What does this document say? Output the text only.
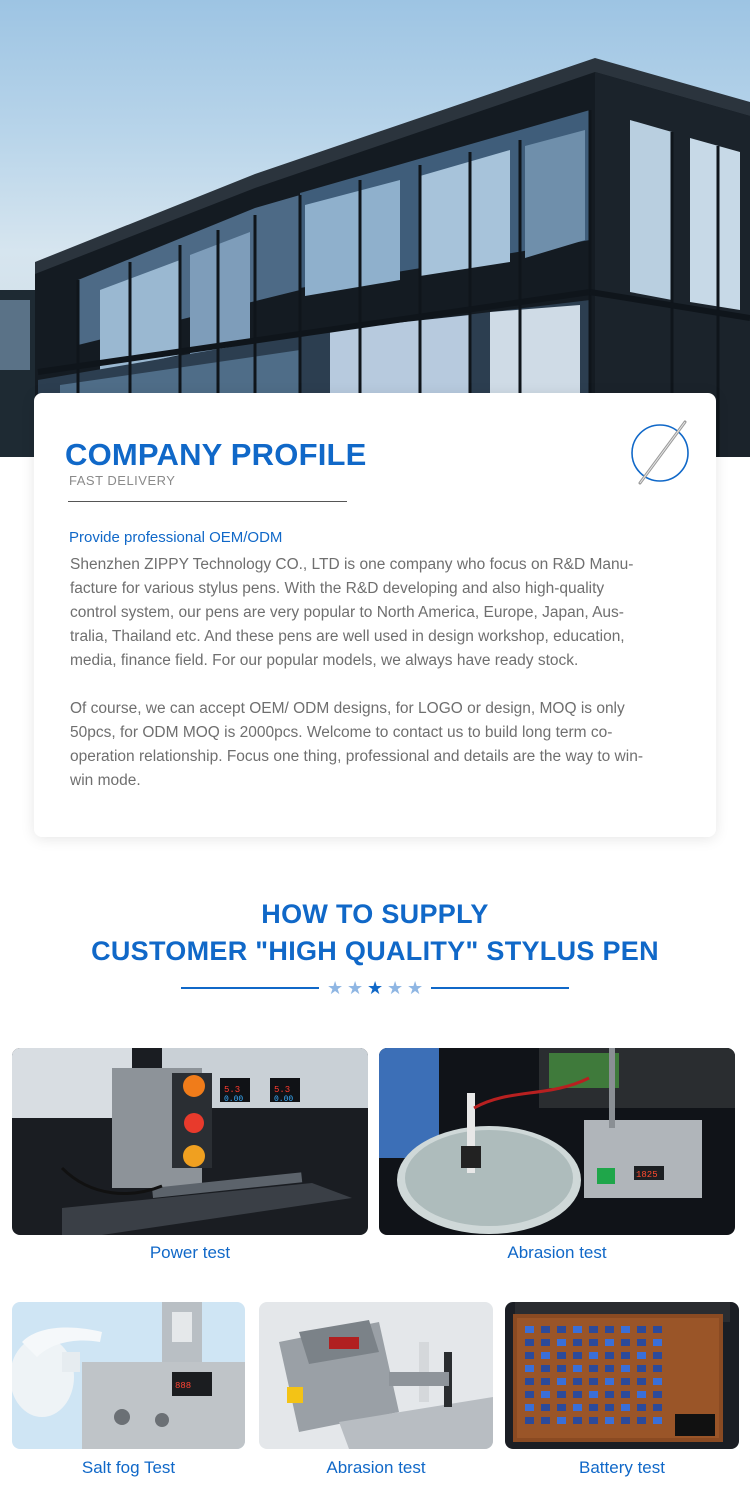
COMPANY PROFILE
FAST DELIVERY
Provide professional OEM/ODM

Shenzhen ZIPPY Technology CO., LTD is one company who focus on R&D Manu-facture for various stylus pens. With the R&D developing and also high-quality control system, our pens are very popular to North America, Europe, Japan, Aus-tralia, Thailand etc. And these pens are well used in design workshop, education, media, finance field. For our popular models, we always have ready stock.

Of course, we can accept OEM/ ODM designs, for LOGO or design, MOQ is only 50pcs, for ODM MOQ is 2000pcs. Welcome to contact us to build long term co-operation relationship. Focus one thing, professional and details are the way to win-win mode.

HOW TO SUPPLY
CUSTOMER "HIGH QUALITY" STYLUS PEN
★ ★ ★ ★ ★
5.3	5.3
0.00	0.00
Power test
1825
Abrasion test
888
Salt fog Test	Abrasion test	Battery test
